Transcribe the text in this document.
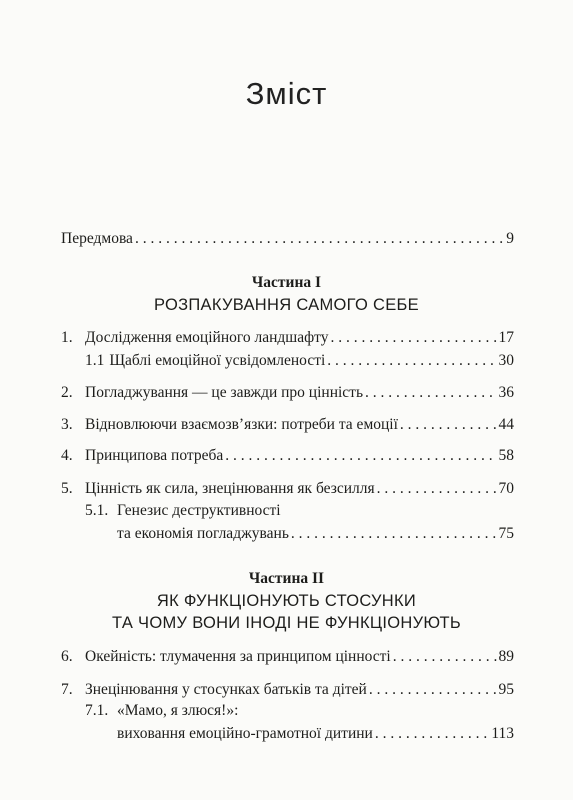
Зміст
Передмова . . .	9
Частина I
РОЗПАКУВАННЯ САМОГО СЕБЕ
1. Дослідження емоційного ландшафту . . .	17
1.1 Щаблі емоційної усвідомленості . . .	30
2. Погладжування — це завжди про цінність . . .	36
3. Відновлюючи взаємозв’язки: потреби та емоції . . .	44
4. Принципова потреба . . .	58
5. Цінність як сила, знецінювання як безсилля . . .	70
5.1. Генезис деструктивності
та економія погладжувань . . .	75
Частина II
ЯК ФУНКЦІОНУЮТЬ СТОСУНКИ
ТА ЧОМУ ВОНИ ІНОДІ НЕ ФУНКЦІОНУЮТЬ
6. Окейність: тлумачення за принципом цінності . . .	89
7. Знецінювання у стосунках батьків та дітей . . .	95
7.1. «Мамо, я злюся!»:
виховання емоційно-грамотної дитини . . .	113
